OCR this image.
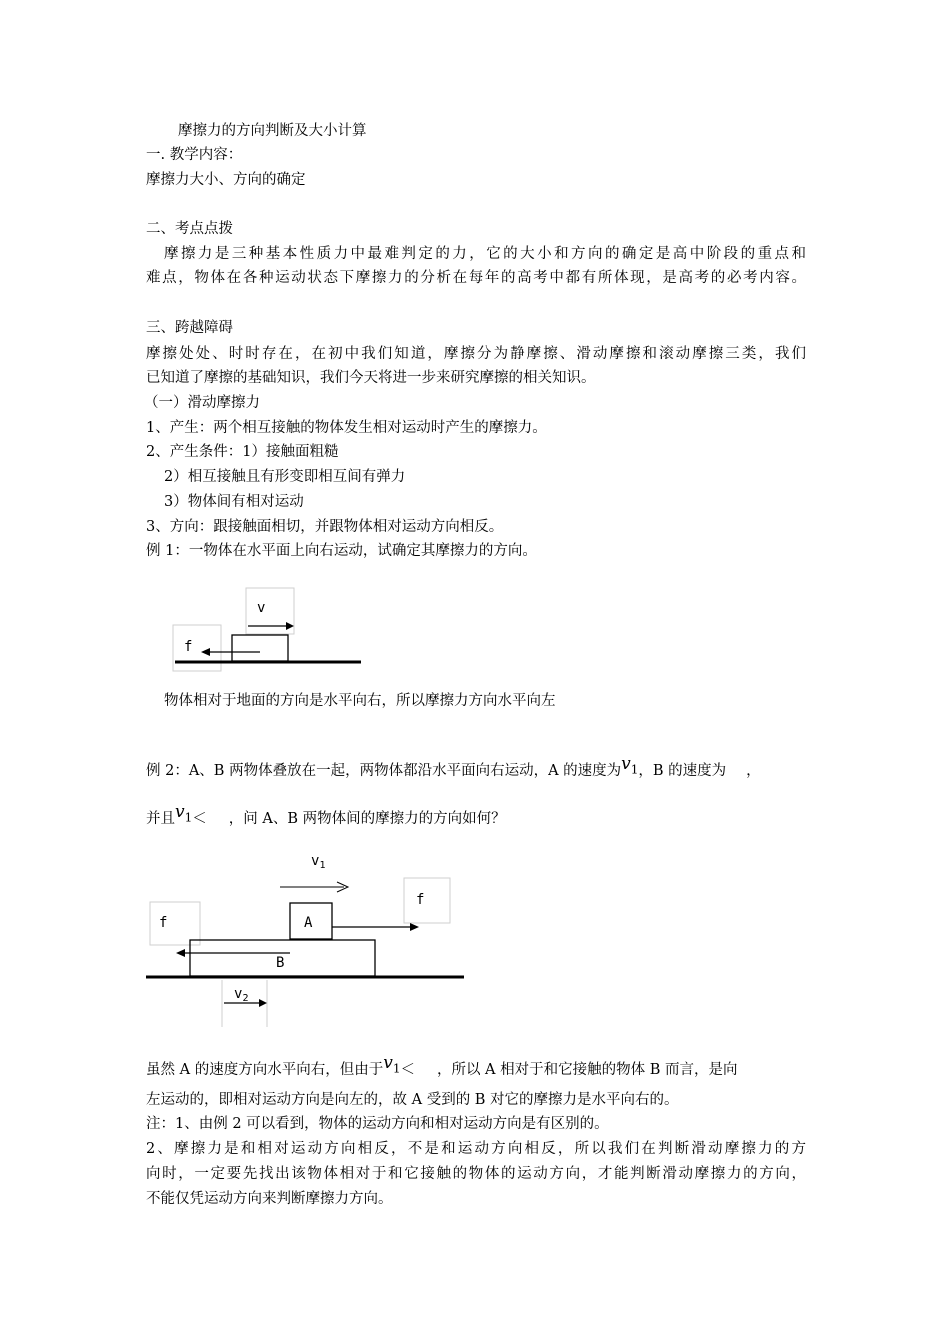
摩擦力的方向判断及大小计算
一. 教学内容：
摩擦力大小、方向的确定
二、考点点拨
摩擦力是三种基本性质力中最难判定的力，它的大小和方向的确定是高中阶段的重点和
难点，物体在各种运动状态下摩擦力的分析在每年的高考中都有所体现，是高考的必考内容。
三、跨越障碍
摩擦处处、时时存在，在初中我们知道，摩擦分为静摩擦、滑动摩擦和滚动摩擦三类，我们
已知道了摩擦的基础知识，我们今天将进一步来研究摩擦的相关知识。
（一）滑动摩擦力
1、产生：两个相互接触的物体发生相对运动时产生的摩擦力。
2、产生条件：1）接触面粗糙
2）相互接触且有形变即相互间有弹力
3）物体间有相对运动
3、方向：跟接触面相切，并跟物体相对运动方向相反。
例 1：一物体在水平面上向右运动，试确定其摩擦力的方向。
v
f
物体相对于地面的方向是水平向右，所以摩擦力方向水平向左
例 2：A、B 两物体叠放在一起，两物体都沿水平面向右运动，A 的速度为$v_1$，B 的速度为 ，
并且$v_1<$ ，问 A、B 两物体间的摩擦力的方向如何？
$v_1$
f
f	A
B
$v_2$
虽然 A 的速度方向水平向右，但由于$v_1<$ ，所以 A 相对于和它接触的物体 B 而言，是向
左运动的，即相对运动方向是向左的，故 A 受到的 B 对它的摩擦力是水平向右的。
注：1、由例 2 可以看到，物体的运动方向和相对运动方向是有区别的。
2、摩擦力是和相对运动方向相反，不是和运动方向相反，所以我们在判断滑动摩擦力的方
向时，一定要先找出该物体相对于和它接触的物体的运动方向，才能判断滑动摩擦力的方向，
不能仅凭运动方向来判断摩擦力方向。
